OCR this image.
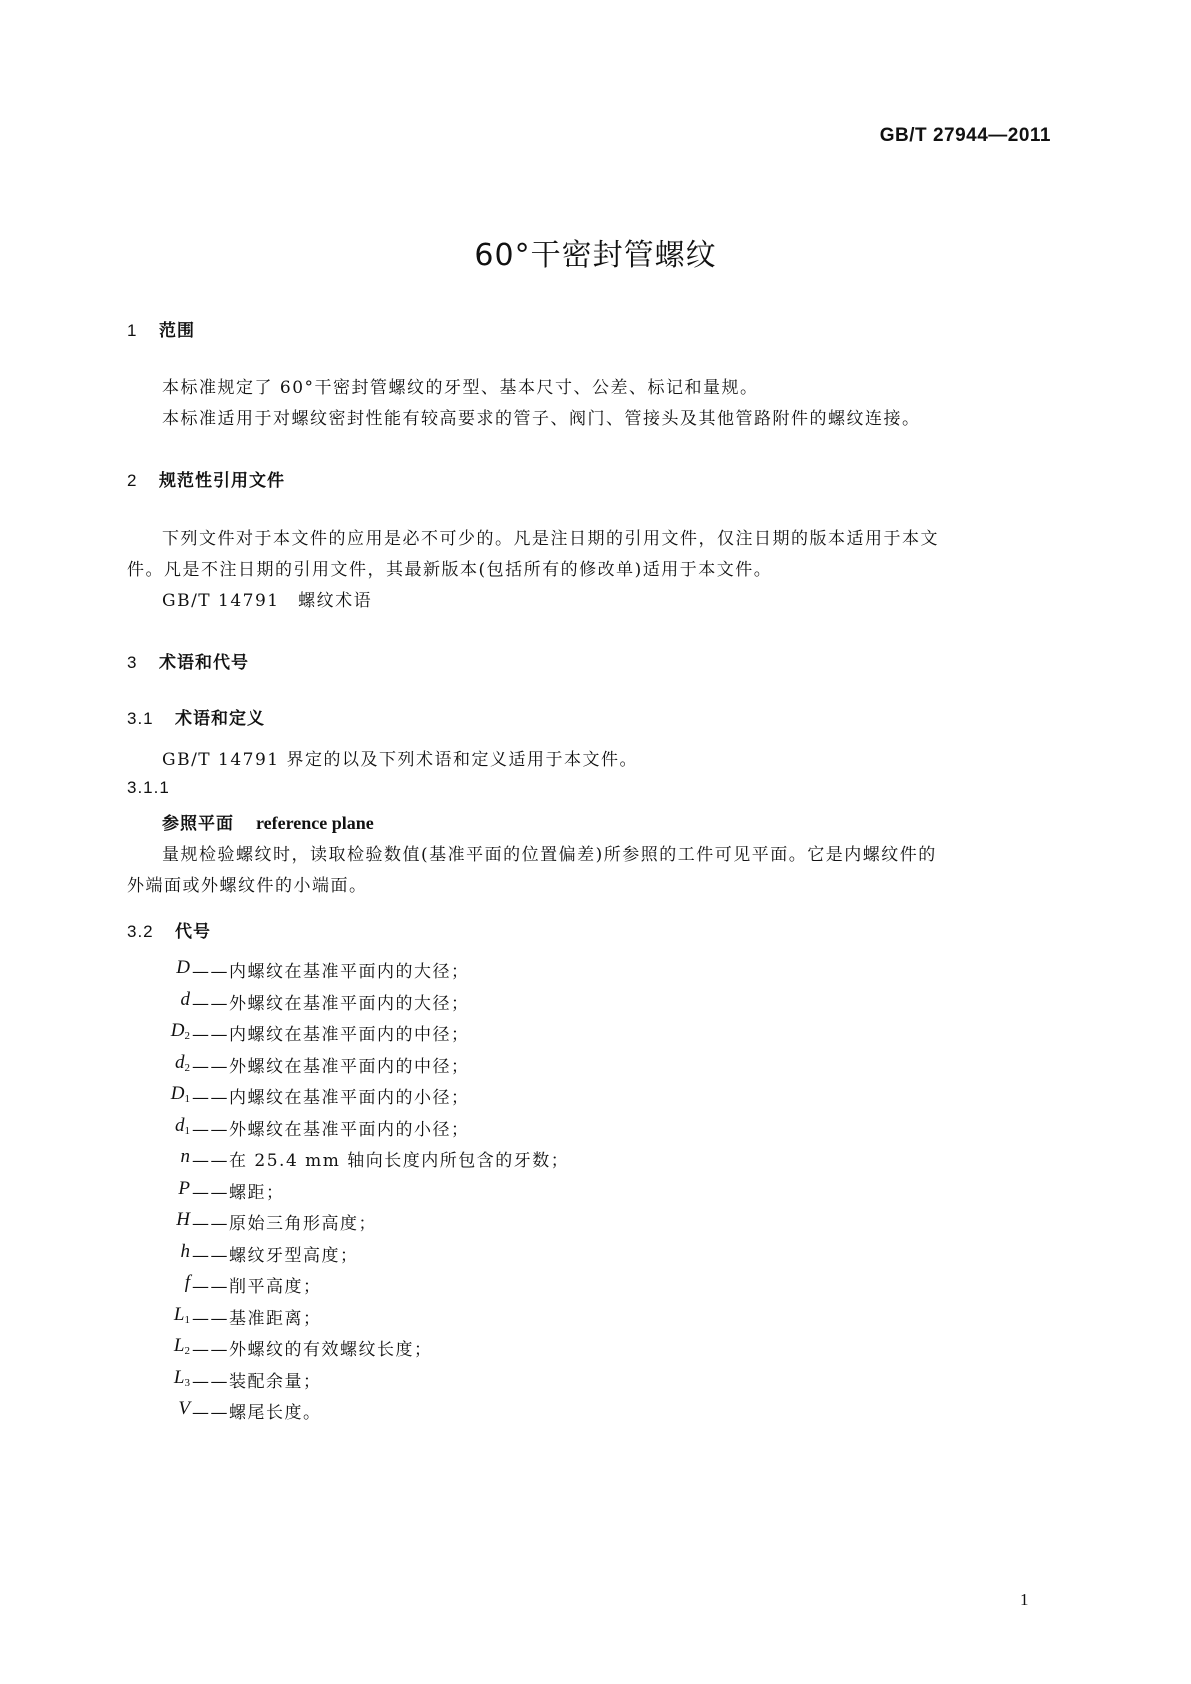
GB/T 27944—2011
60°干密封管螺纹
1 范围
本标准规定了 60°干密封管螺纹的牙型、基本尺寸、公差、标记和量规。
本标准适用于对螺纹密封性能有较高要求的管子、阀门、管接头及其他管路附件的螺纹连接。
2 规范性引用文件
下列文件对于本文件的应用是必不可少的。凡是注日期的引用文件，仅注日期的版本适用于本文
件。凡是不注日期的引用文件，其最新版本(包括所有的修改单)适用于本文件。
GB/T 14791　螺纹术语
3 术语和代号
3.1 术语和定义
GB/T 14791 界定的以及下列术语和定义适用于本文件。
3.1.1
参照平面 reference plane
量规检验螺纹时，读取检验数值(基准平面的位置偏差)所参照的工件可见平面。它是内螺纹件的
外端面或外螺纹件的小端面。
3.2 代号
D ——内螺纹在基准平面内的大径；
d ——外螺纹在基准平面内的大径；
$D_2$ ——内螺纹在基准平面内的中径；
$d_2$ ——外螺纹在基准平面内的中径；
$D_1$ ——内螺纹在基准平面内的小径；
$d_1$ ——外螺纹在基准平面内的小径；
n ——在 25.4 mm 轴向长度内所包含的牙数；
P ——螺距；
H ——原始三角形高度；
h ——螺纹牙型高度；
f ——削平高度；
$L_1$ ——基准距离；
$L_2$ ——外螺纹的有效螺纹长度；
$L_3$ ——装配余量；
V ——螺尾长度。
1
